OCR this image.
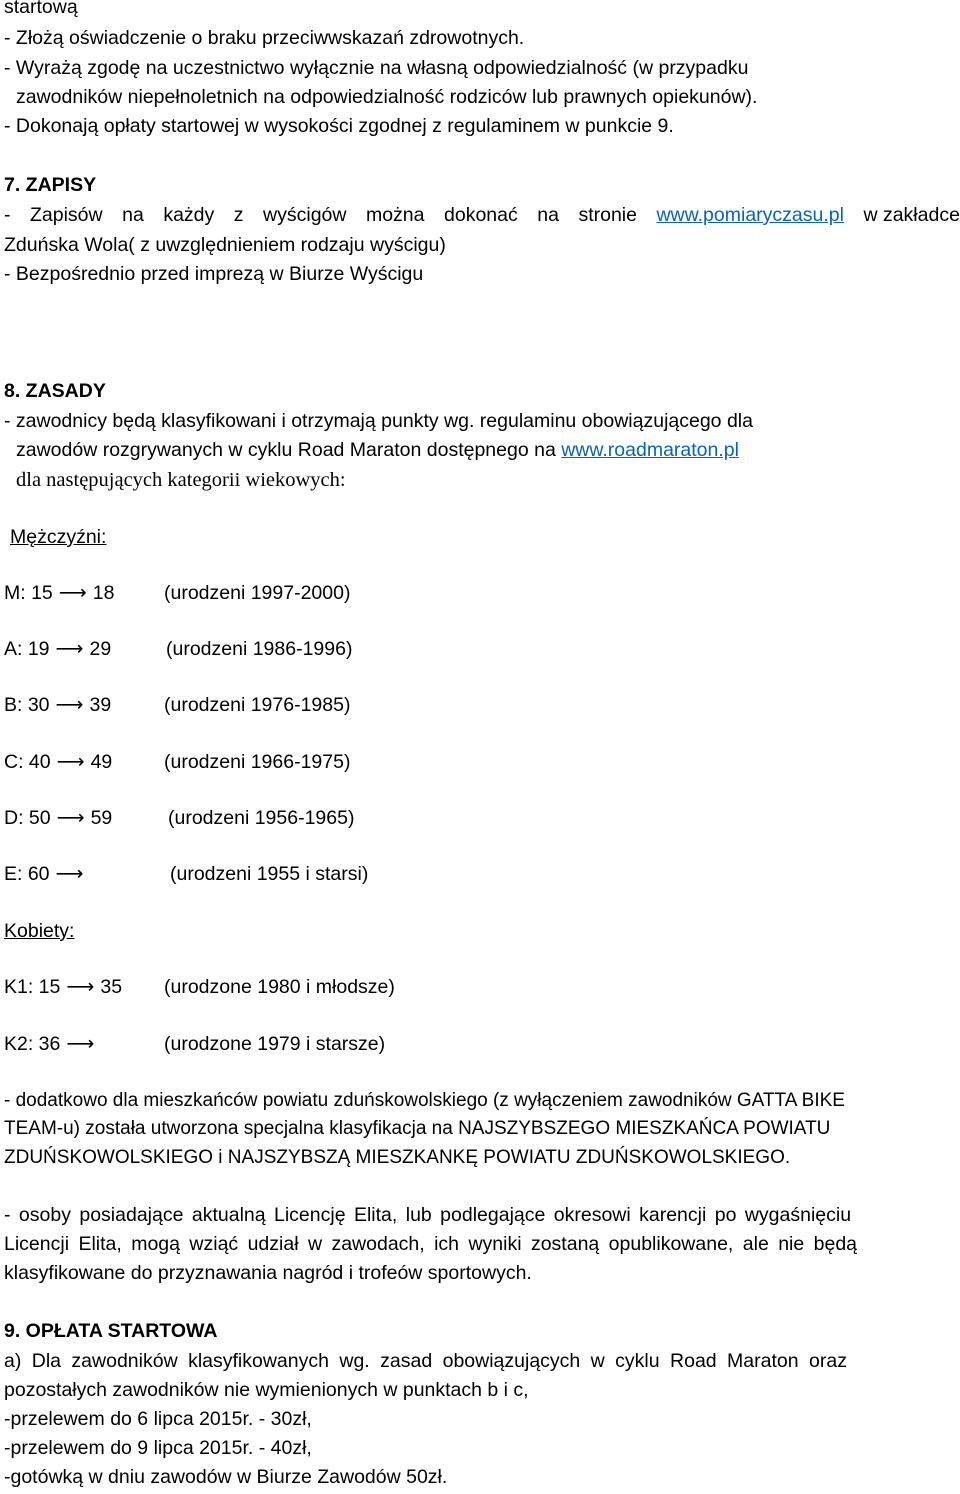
startową
- Złożą oświadczenie o braku przeciwwskazań zdrowotnych.
- Wyrażą zgodę na uczestnictwo wyłącznie na własną odpowiedzialność (w przypadku
zawodników niepełnoletnich na odpowiedzialność rodziców lub prawnych opiekunów).
- Dokonają opłaty startowej w wysokości zgodnej z regulaminem w punkcie 9.
7. ZAPISY
- Zapisów na każdy z wyścigów można dokonać na stronie www.pomiaryczasu.pl w zakładce
Zduńska Wola( z uwzględnieniem rodzaju wyścigu)
- Bezpośrednio przed imprezą w Biurze Wyścigu
8. ZASADY
- zawodnicy będą klasyfikowani i otrzymają punkty wg. regulaminu obowiązującego dla
zawodów rozgrywanych w cyklu Road Maraton dostępnego na www.roadmaraton.pl
dla następujących kategorii wiekowych:
Mężczyźni:
M: 15 ⟶ 18	(urodzeni 1997-2000)
A: 19 ⟶ 29	(urodzeni 1986-1996)
B: 30 ⟶ 39	(urodzeni 1976-1985)
C: 40 ⟶ 49	(urodzeni 1966-1975)
D: 50 ⟶ 59	(urodzeni 1956-1965)
E: 60 ⟶	(urodzeni 1955 i starsi)
Kobiety:
K1: 15 ⟶ 35 (urodzone 1980 i młodsze)
K2: 36 ⟶	(urodzone 1979 i starsze)
- dodatkowo dla mieszkańców powiatu zduńskowolskiego (z wyłączeniem zawodników GATTA BIKE
TEAM-u) została utworzona specjalna klasyfikacja na NAJSZYBSZEGO MIESZKAŃCA POWIATU
ZDUŃSKOWOLSKIEGO i NAJSZYBSZĄ MIESZKANKĘ POWIATU ZDUŃSKOWOLSKIEGO.
- osoby posiadające aktualną Licencję Elita, lub podlegające okresowi karencji po wygaśnięciu
Licencji Elita, mogą wziąć udział w zawodach, ich wyniki zostaną opublikowane, ale nie będą
klasyfikowane do przyznawania nagród i trofeów sportowych.
9. OPŁATA STARTOWA
a) Dla zawodników klasyfikowanych wg. zasad obowiązujących w cyklu Road Maraton oraz
pozostałych zawodników nie wymienionych w punktach b i c,
-przelewem do 6 lipca 2015r. - 30zł,
-przelewem do 9 lipca 2015r. - 40zł,
-gotówką w dniu zawodów w Biurze Zawodów 50zł.
